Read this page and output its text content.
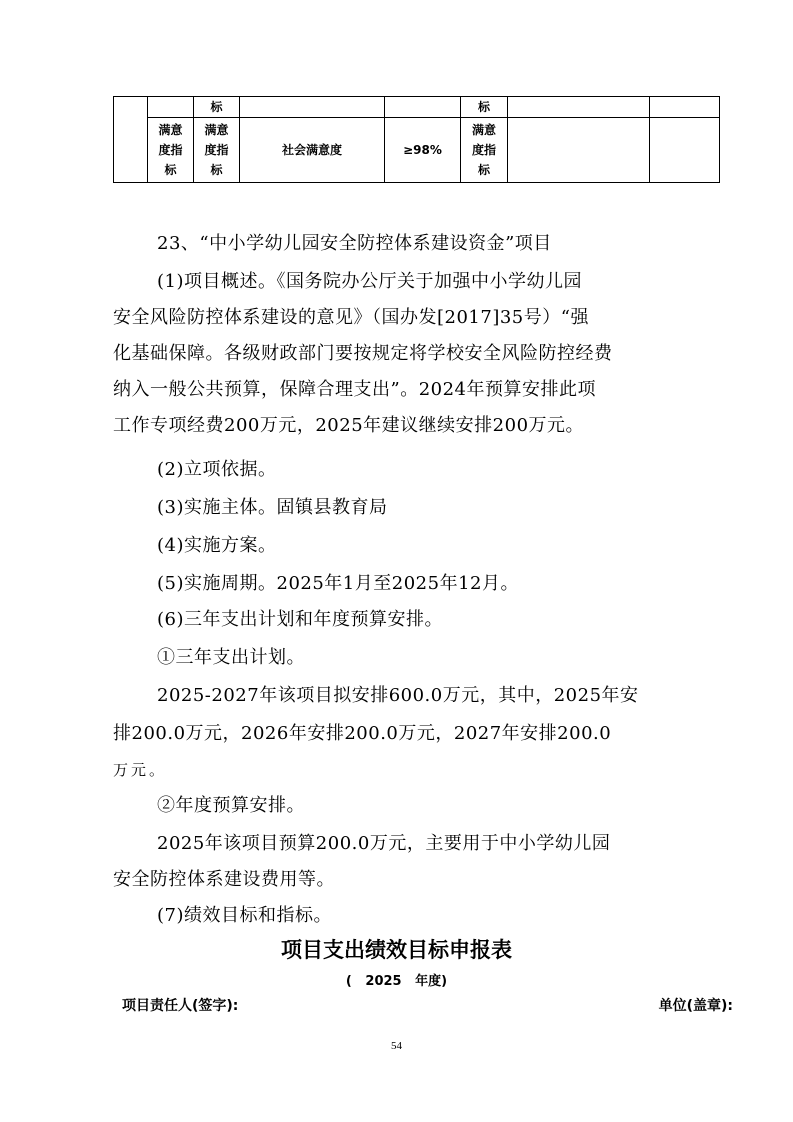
		标			标		

	满意度指标	满意度指标	社会满意度	≥98%	满意度指标		

23、“中小学幼儿园安全防控体系建设资金”项目

(1)项目概述。《国务院办公厅关于加强中小学幼儿园

安全风险防控体系建设的意见》（国办发[2017]35号）“强

化基础保障。各级财政部门要按规定将学校安全风险防控经费

纳入一般公共预算，保障合理支出”。2024年预算安排此项

工作专项经费200万元，2025年建议继续安排200万元。

(2)立项依据。

(3)实施主体。固镇县教育局

(4)实施方案。

(5)实施周期。2025年1月至2025年12月。

(6)三年支出计划和年度预算安排。

①三年支出计划。

2025-2027年该项目拟安排600.0万元，其中，2025年安

排200.0万元，2026年安排200.0万元，2027年安排200.0

万元。

②年度预算安排。

2025年该项目预算200.0万元，主要用于中小学幼儿园

安全防控体系建设费用等。

(7)绩效目标和指标。

项目支出绩效目标申报表

(   2025   年度)
项目责任人(签字):	单位(盖章):
54
